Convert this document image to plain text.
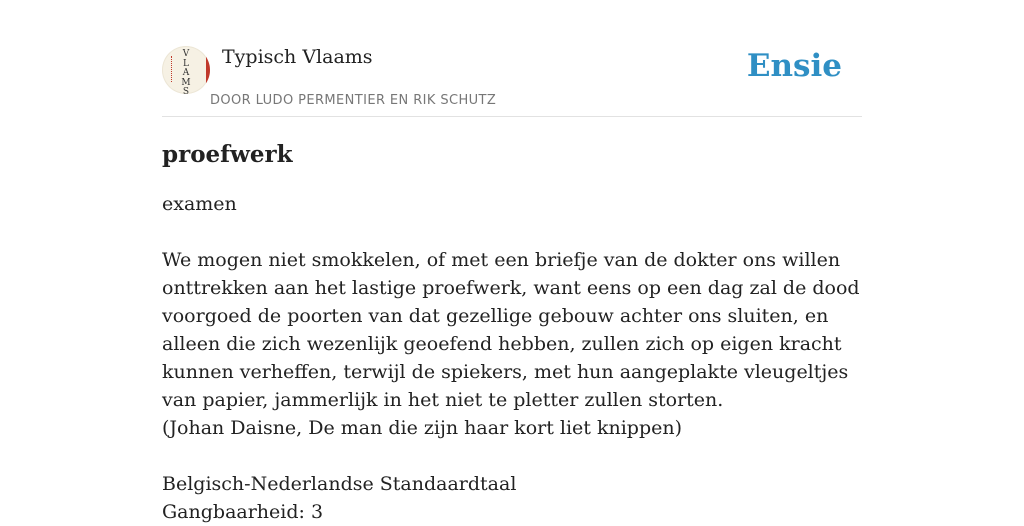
V L A M S
Typisch Vlaams
DOOR LUDO PERMENTIER EN RIK SCHUTZ
Ensie
proefwerk

examen

We mogen niet smokkelen, of met een briefje van de dokter ons willen onttrekken aan het lastige proefwerk, want eens op een dag zal de dood voorgoed de poorten van dat gezellige gebouw achter ons sluiten, en alleen die zich wezenlijk geoefend hebben, zullen zich op eigen kracht kunnen verheffen, terwijl de spiekers, met hun aangeplakte vleugeltjes van papier, jammerlijk in het niet te pletter zullen storten.

(Johan Daisne, De man die zijn haar kort liet knippen)

Belgisch-Nederlandse Standaardtaal

Gangbaarheid: 3
